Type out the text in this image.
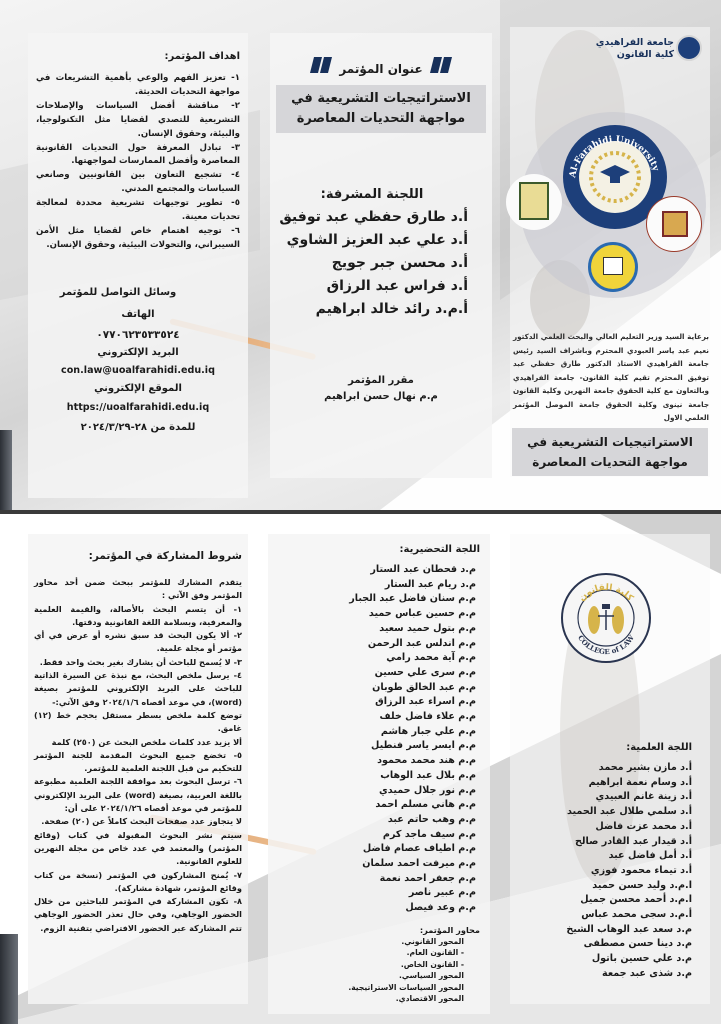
اهداف المؤتمر:
١- تعزيز الفهم والوعي بأهمية التشريعات في مواجهة التحديات الحديثة.
٢- مناقشة أفضل السياسات والإصلاحات التشريعية للتصدي لقضايا مثل التكنولوجيا، والبيئة، وحقوق الإنسان.
٣- تبادل المعرفة حول التحديات القانونية المعاصرة وأفضل الممارسات لمواجهتها.
٤- تشجيع التعاون بين القانونيين وصانعي السياسات والمجتمع المدني.
٥- تطوير توجيهات تشريعية محددة لمعالجة تحديات معينة.
٦- توجيه اهتمام خاص لقضايا مثل الأمن السيبراني، والتحولات البيئية، وحقوق الإنسان.
وسائل التواصل للمؤتمر
الهاتف
٠٧٧٠٦٢٣٥٣٣٥٢٤
البريد الإلكتروني
con.law@uoalfarahidi.edu.iq
الموقع الإلكتروني
https://uoalfarahidi.edu.iq
للمدة من ٢٨-٢٠٢٤/٣/٢٩
عنوان المؤتمر
الاستراتيجيات التشريعية في
مواجهة التحديات المعاصرة
اللجنة المشرفة:
أ.د طارق حفظي عبد توفيق
أ.د علي عبد العزيز الشاوي
أ.د محسن جبر جويج
أ.د فراس عبد الرزاق
أ.م.د رائد خالد ابراهيم
مقرر المؤتمر
م.م نهال حسن ابراهيم
جامعة الفراهيدي
كلية القانون
Al-Farahidi University
برعاية السيد وزير التعليم العالي والبحث العلمي الدكتور نعيم عبد ياسر العبودي المحترم وباشراف السيد رئيس جامعة الفراهيدي الاستاذ الدكتور طارق حفظي عبد توفيق المحترم تقيم كلية القانون- جامعة الفراهيدي وبالتعاون مع كلية الحقوق جامعة النهرين وكلية القانون جامعة نينوى وكلية الحقوق جامعة الموصل المؤتمر العلمي الاول
الاستراتيجيات التشريعية في
مواجهة التحديات المعاصرة
شروط المشاركة في المؤتمر:
يتقدم المشارك للمؤتمر ببحث ضمن أحد محاور المؤتمر وفق الآتي :
١- أن يتسم البحث بالأصالة، والقيمة العلمية والمعرفية، وبسلامة اللغة القانونية ودقتها.
٢- ألا يكون البحث قد سبق نشره أو عرض في أي مؤتمر أو مجلة علمية.
٣- لا يُسمح للباحث أن يشارك بغير بحث واحد فقط.
٤- يرسل ملخص البحث، مع نبذة عن السيرة الذاتية للباحث على البريد الإلكتروني للمؤتمر بصيغة (word)، في موعد أقصاه ٢٠٢٤/١/٦ وفق الآتي:-
توضع كلمة ملخص بسطر مستقل بحجم خط (١٢) غامق.
ألا يزيد عدد كلمات ملخص البحث عن (٢٥٠) كلمة
٥- تخضع جميع البحوث المقدمة للجنة المؤتمر للتحكيم من قبل اللجنة العلمية للمؤتمر.
٦- ترسل البحوث بعد موافقة اللجنة العلمية مطبوعة باللغة العربية، بصيغة (word) على البريد الإلكتروني للمؤتمر في موعد أقصاه ٢٠٢٤/١/٢٦ على أن:
لا يتجاوز عدد صفحات البحث كاملاً عن (٢٠) صفحة.
سيتم نشر البحوث المقبولة في كتاب (وقائع المؤتمر) والمعتمد في عدد خاص من مجلة النهرين للعلوم القانونية.
٧- يُمنح المشاركون في المؤتمر (نسخة من كتاب وقائع المؤتمر، شهادة مشاركة).
٨- تكون المشاركة في المؤتمر للباحثين من خلال الحضور الوجاهي، وفي حال تعذر الحضور الوجاهي تتم المشاركة عبر الحضور الافتراضي بتقنية الزوم.
اللجة التحضيرية:
م.د قحطان عبد الستار
م.د ريام عبد الستار
م.م سنان فاضل عبد الجبار
م.م حسين عباس حميد
م.م بتول حميد سعيد
م.م اندلس عبد الرحمن
م.م آية محمد رامي
م.م سرى علي حسين
م.م عبد الخالق طوبان
م.م اسراء عبد الرزاق
م.م علاء فاضل خلف
م.م علي جبار هاشم
م.م ايسر ياسر فنطيل
م.م هند محمد محمود
م.م بلال عبد الوهاب
م.م نور جلال حميدي
م.م هاني مسلم احمد
م.م وهب حاتم عبد
م.م سيف ماجد كرم
م.م اطياف عصام فاضل
م.م ميرفت احمد سلمان
م.م جعفر احمد نعمة
م.م عبير ناصر
م.م وعد فيصل
محاور المؤتمر:
المحور القانوني.
- القانون العام.
- القانون الخاص.
المحور السياسي.
المحور السياسات الاستراتيجية.
المحور الاقتصادي.
كلية القانون
COLLEGE of LAW
اللجة العلمية:
أ.د مازن بشير محمد
أ.د وسام نعمة ابراهيم
أ.د زينة غانم العبيدي
أ.د سلمي طلال عبد الحميد
أ.د محمد عزت فاضل
أ.د قيدار عبد القادر صالح
أ.د أمل فاضل عبد
أ.د تيماء محمود فوزي
ا.م.د وليد حسن حميد
ا.م.د أحمد محسن جميل
أ.م.د سجى محمد عباس
م.د سعد عبد الوهاب الشيخ
م.د دينا حسن مصطفى
م.د علي حسين باتول
م.د شذى عبد جمعة
